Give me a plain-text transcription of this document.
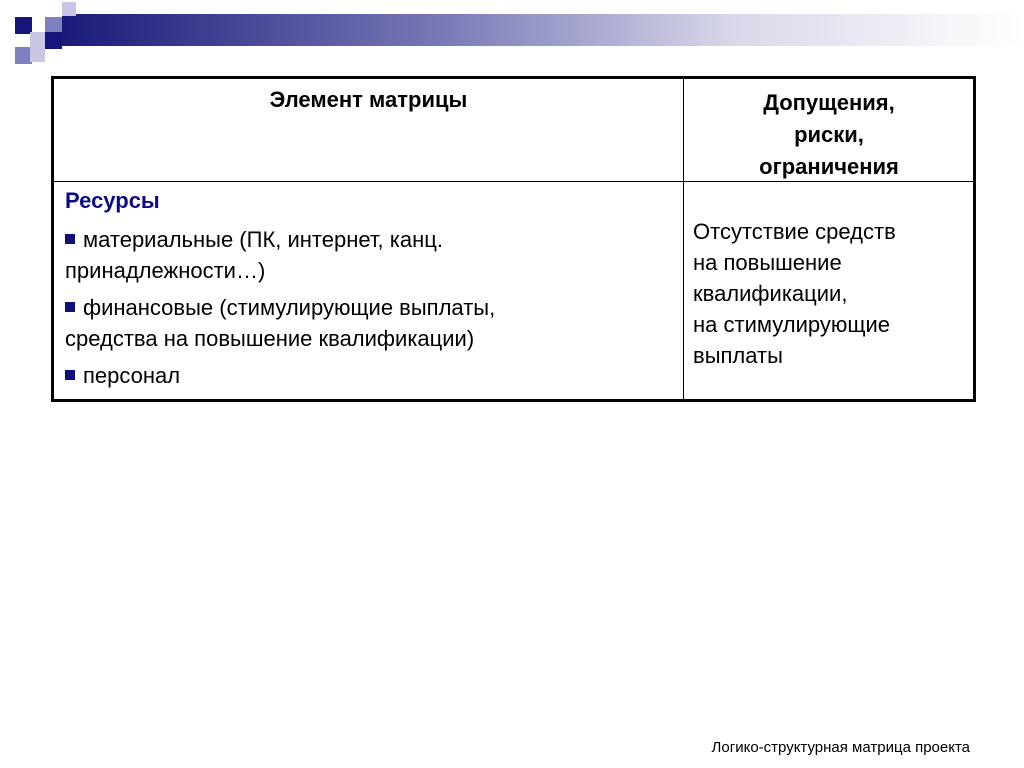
Элемент матрицы	Допущения,
риски,
ограничения
Ресурсы
материальные (ПК, интернет, канц.
принадлежности…)
финансовые (стимулирующие выплаты,
средства на повышение квалификации)
персонал
Отсутствие средств
на повышение
квалификации,
на стимулирующие
выплаты
Логико-структурная матрица проекта
